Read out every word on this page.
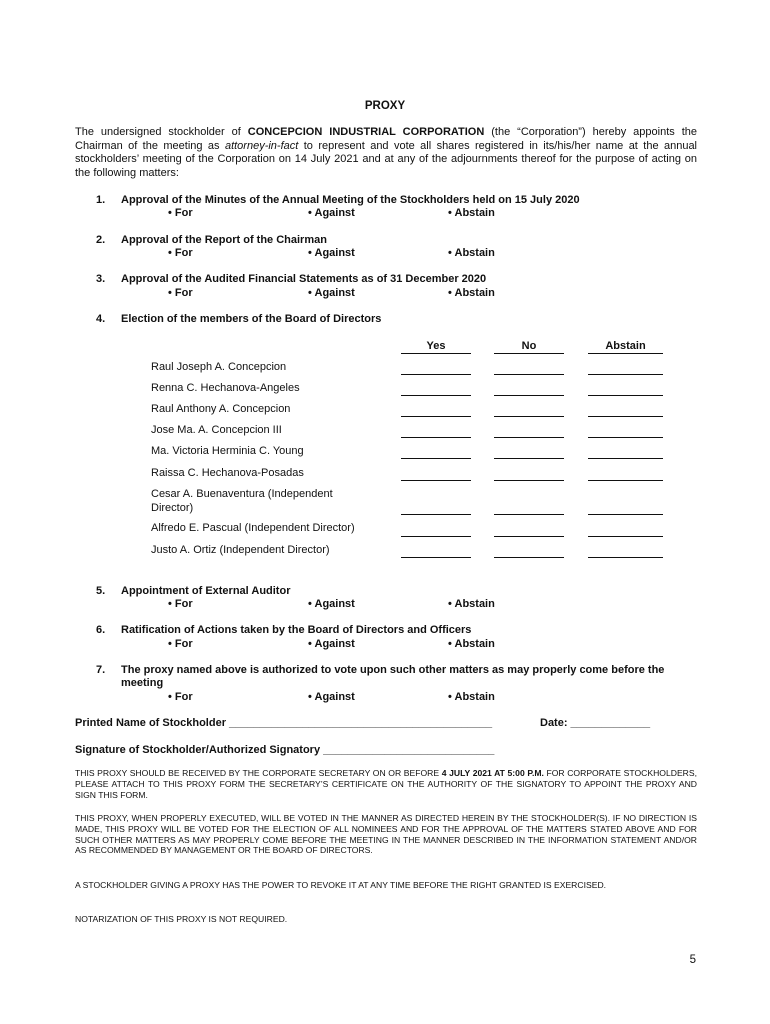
PROXY
The undersigned stockholder of CONCEPCION INDUSTRIAL CORPORATION (the “Corporation”) hereby appoints the Chairman of the meeting as attorney-in-fact to represent and vote all shares registered in its/his/her name at the annual stockholders’ meeting of the Corporation on 14 July 2021 and at any of the adjournments thereof for the purpose of acting on the following matters:
1. Approval of the Minutes of the Annual Meeting of the Stockholders held on 15 July 2020
• For	• Against	• Abstain
2. Approval of the Report of the Chairman
• For	• Against	• Abstain
3. Approval of the Audited Financial Statements as of 31 December 2020
• For	• Against	• Abstain
4. Election of the members of the Board of Directors
Yes	No	Abstain
Raul Joseph A. Concepcion
Renna C. Hechanova-Angeles
Raul Anthony A. Concepcion
Jose Ma. A. Concepcion III
Ma. Victoria Herminia C. Young
Raissa C. Hechanova-Posadas
Cesar A. Buenaventura (Independent Director)
Alfredo E. Pascual (Independent Director)
Justo A. Ortiz (Independent Director)
5. Appointment of External Auditor
• For	• Against	• Abstain
6. Ratification of Actions taken by the Board of Directors and Officers
• For	• Against	• Abstain
7. The proxy named above is authorized to vote upon such other matters as may properly come before the meeting
• For	• Against	• Abstain
Printed Name of Stockholder ___________________________________________	Date: _____________
Signature of Stockholder/Authorized Signatory ____________________________
THIS PROXY SHOULD BE RECEIVED BY THE CORPORATE SECRETARY ON OR BEFORE 4 JULY 2021 AT 5:00 P.M. FOR CORPORATE STOCKHOLDERS, PLEASE ATTACH TO THIS PROXY FORM THE SECRETARY’S CERTIFICATE ON THE AUTHORITY OF THE SIGNATORY TO APPOINT THE PROXY AND SIGN THIS FORM.
THIS PROXY, WHEN PROPERLY EXECUTED, WILL BE VOTED IN THE MANNER AS DIRECTED HEREIN BY THE STOCKHOLDER(S). IF NO DIRECTION IS MADE, THIS PROXY WILL BE VOTED FOR THE ELECTION OF ALL NOMINEES AND FOR THE APPROVAL OF THE MATTERS STATED ABOVE AND FOR SUCH OTHER MATTERS AS MAY PROPERLY COME BEFORE THE MEETING IN THE MANNER DESCRIBED IN THE INFORMATION STATEMENT AND/OR AS RECOMMENDED BY MANAGEMENT OR THE BOARD OF DIRECTORS.
A STOCKHOLDER GIVING A PROXY HAS THE POWER TO REVOKE IT AT ANY TIME BEFORE THE RIGHT GRANTED IS EXERCISED.
NOTARIZATION OF THIS PROXY IS NOT REQUIRED.
5
